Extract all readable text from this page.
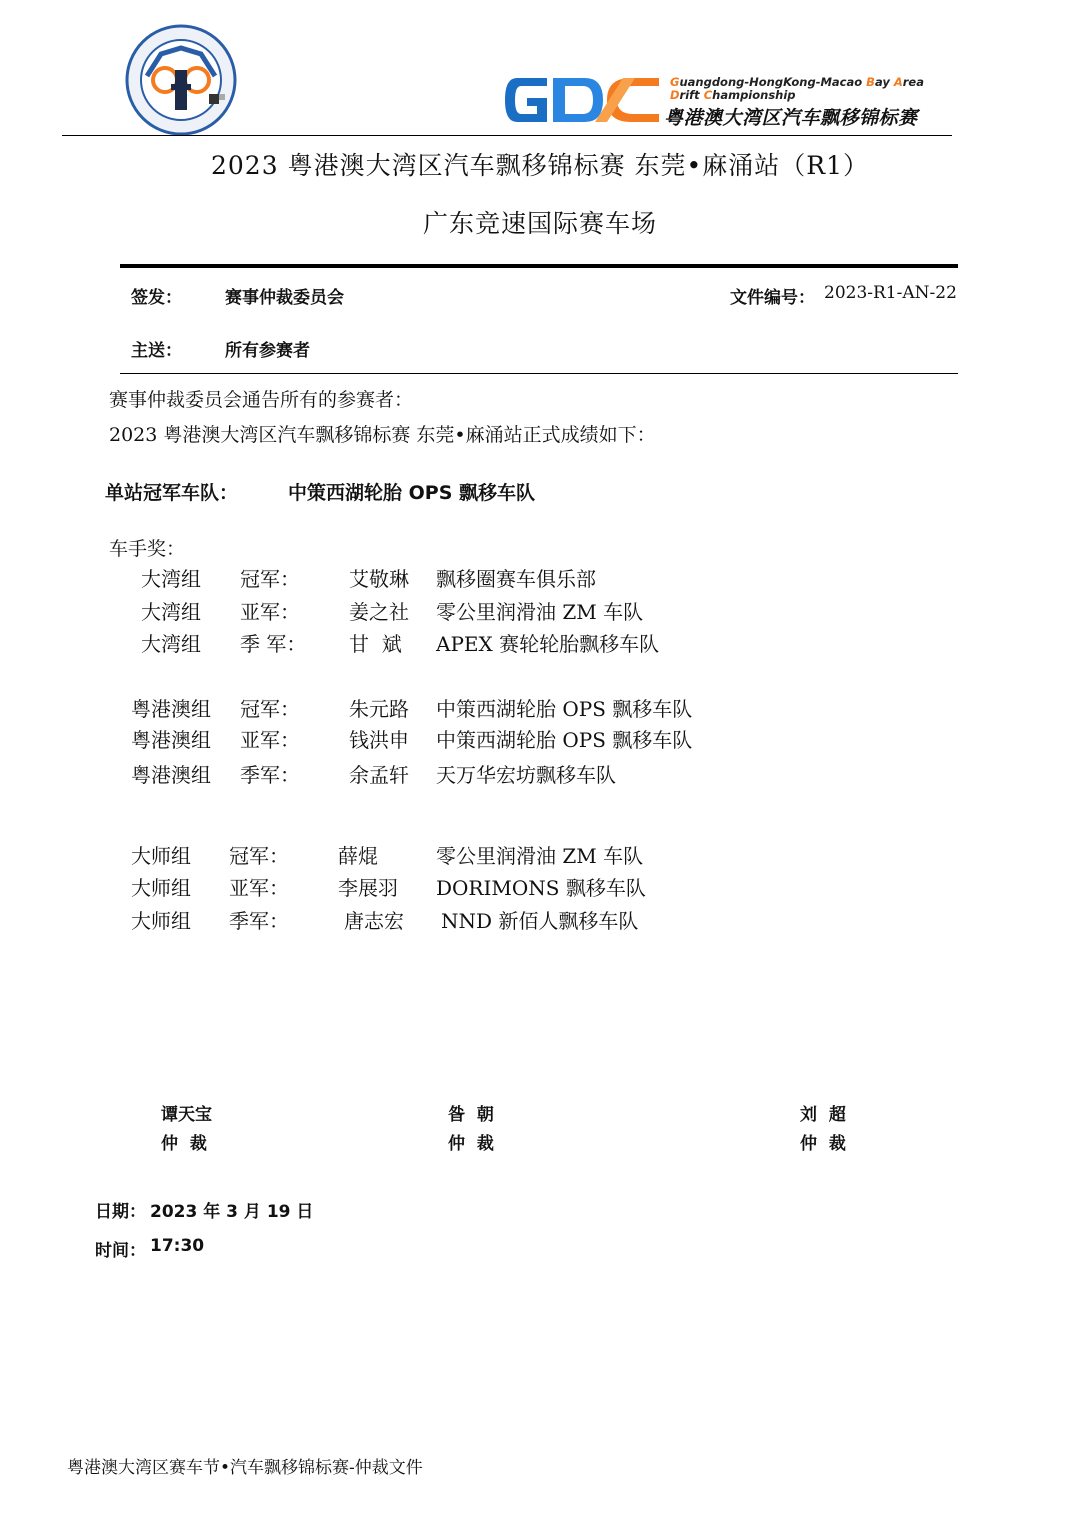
Guangdong-HongKong-Macao Bay Area
Drift Championship
粤港澳大湾区汽车飘移锦标赛
2023 粤港澳大湾区汽车飘移锦标赛 东莞•麻涌站（R1）
广东竞速国际赛车场
签发：	赛事仲裁委员会	文件编号： 2023-R1-AN-22
主送：	所有参赛者
赛事仲裁委员会通告所有的参赛者：
2023 粤港澳大湾区汽车飘移锦标赛 东莞•麻涌站正式成绩如下：
单站冠军车队：	中策西湖轮胎 OPS 飘移车队
车手奖：
大湾组 冠军： 艾敬琳 飘移圈赛车俱乐部
大湾组 亚军： 姜之社 零公里润滑油 ZM 车队
大湾组 季 军： 甘  斌 APEX 赛轮轮胎飘移车队
粤港澳组 冠军： 朱元路 中策西湖轮胎 OPS 飘移车队
粤港澳组 亚军： 钱洪申 中策西湖轮胎 OPS 飘移车队
粤港澳组 季军： 余孟轩 天万华宏坊飘移车队
大师组 冠军： 薛焜	零公里润滑油 ZM 车队
大师组 亚军： 李展羽 DORIMONS 飘移车队
大师组 季军：	唐志宏 NND 新佰人飘移车队
谭天宝
仲  裁
昝  朝
仲  裁
刘  超
仲  裁
日期： 2023 年 3 月 19 日
时间： 17:30
粤港澳大湾区赛车节•汽车飘移锦标赛-仲裁文件
